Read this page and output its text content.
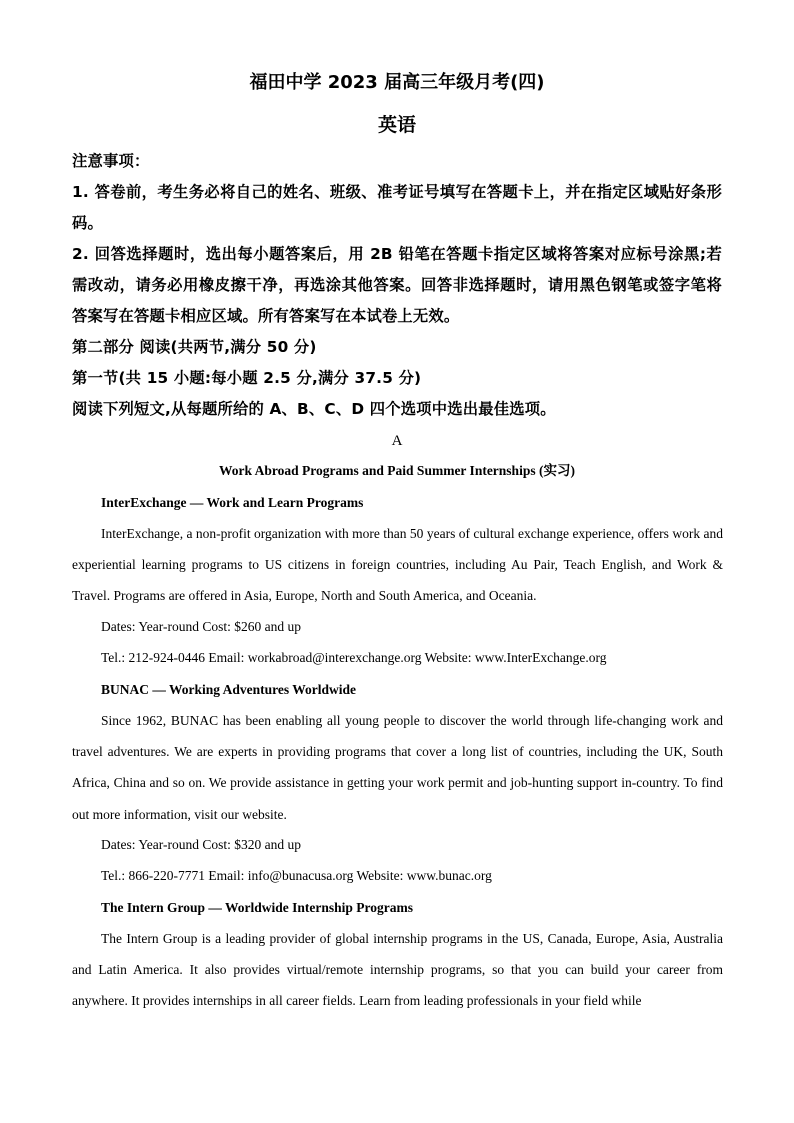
福田中学 2023 届高三年级月考(四)
英语

注意事项：

1. 答卷前，考生务必将自己的姓名、班级、准考证号填写在答题卡上，并在指定区域贴好条形码。

2. 回答选择题时，选出每小题答案后，用 2B 铅笔在答题卡指定区域将答案对应标号涂黑;若需改动，请务必用橡皮擦干净，再选涂其他答案。回答非选择题时，请用黑色钢笔或签字笔将答案写在答题卡相应区域。所有答案写在本试卷上无效。

第二部分 阅读(共两节,满分 50 分)

第一节(共 15 小题:每小题 2.5 分,满分 37.5 分)

阅读下列短文,从每题所给的 A、B、C、D 四个选项中选出最佳选项。

A
Work Abroad Programs and Paid Summer Internships (实习)
InterExchange — Work and Learn Programs

InterExchange, a non-profit organization with more than 50 years of cultural exchange experience, offers work and experiential learning programs to US citizens in foreign countries, including Au Pair, Teach English, and Work & Travel. Programs are offered in Asia, Europe, North and South America, and Oceania.

Dates: Year-round Cost: $260 and up
Tel.: 212-924-0446 Email: workabroad@interexchange.org Website: www.InterExchange.org
BUNAC — Working Adventures Worldwide

Since 1962, BUNAC has been enabling all young people to discover the world through life-changing work and travel adventures. We are experts in providing programs that cover a long list of countries, including the UK, South Africa, China and so on. We provide assistance in getting your work permit and job-hunting support in-country. To find out more information, visit our website.

Dates: Year-round Cost: $320 and up
Tel.: 866-220-7771 Email: info@bunacusa.org Website: www.bunac.org
The Intern Group — Worldwide Internship Programs

The Intern Group is a leading provider of global internship programs in the US, Canada, Europe, Asia, Australia and Latin America. It also provides virtual/remote internship programs, so that you can build your career from anywhere. It provides internships in all career fields. Learn from leading professionals in your field while
